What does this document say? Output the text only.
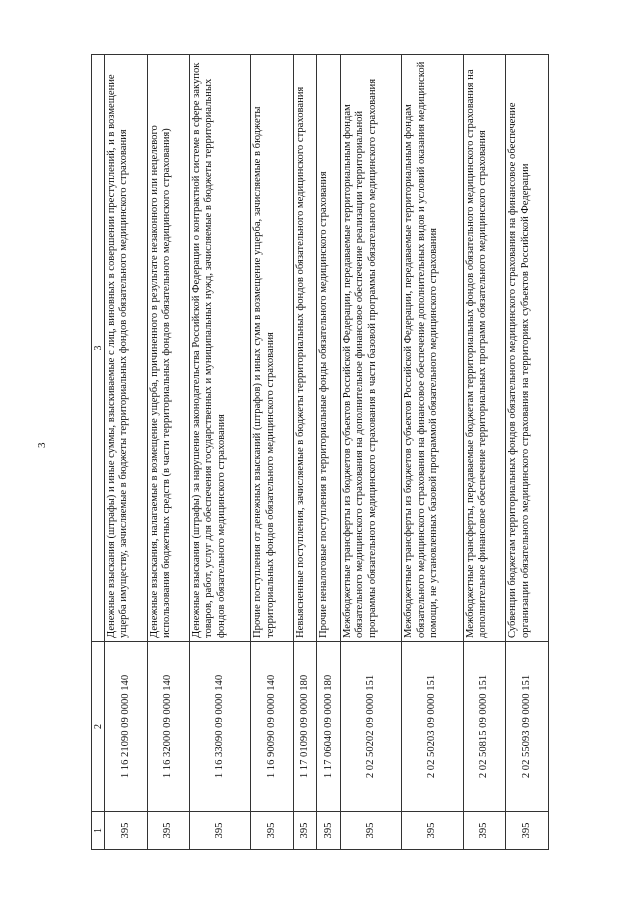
3
1	2	3
395	1 16 21090 09 0000 140	Денежные взыскания (штрафы) и иные суммы, взыскиваемые с лиц, виновных в совершении преступлений, и в возмещение ущерба имуществу, зачисляемые в бюджеты территориальных фондов обязательного медицинского страхования
395	1 16 32000 09 0000 140	Денежные взыскания, налагаемые в возмещение ущерба, причиненного в результате незаконного или нецелевого использования бюджетных средств (в части территориальных фондов обязательного медицинского страхования)
395	1 16 33090 09 0000 140	Денежные взыскания (штрафы) за нарушение законодательства Российской Федерации о контрактной системе в сфере закупок товаров, работ, услуг для обеспечения государственных и муниципальных нужд, зачисляемые в бюджеты территориальных фондов обязательного медицинского страхования
395	1 16 90090 09 0000 140	Прочие поступления от денежных взысканий (штрафов) и иных сумм в возмещение ущерба, зачисляемые в бюджеты территориальных фондов обязательного медицинского страхования
395	1 17 01090 09 0000 180	Невыясненные поступления, зачисляемые в бюджеты территориальных фондов обязательного медицинского страхования
395	1 17 06040 09 0000 180	Прочие неналоговые поступления в территориальные фонды обязательного медицинского страхования
395	2 02 50202 09 0000 151	Межбюджетные трансферты из бюджетов субъектов Российской Федерации, передаваемые территориальным фондам обязательного медицинского страхования на дополнительное финансовое обеспечение реализации территориальной программы обязательного медицинского страхования в части базовой программы обязательного медицинского страхования
395	2 02 50203 09 0000 151	Межбюджетные трансферты из бюджетов субъектов Российской Федерации, передаваемые территориальным фондам обязательного медицинского страхования на финансовое обеспечение дополнительных видов и условий оказания медицинской помощи, не установленных базовой программой обязательного медицинского страхования
395	2 02 50815 09 0000 151	Межбюджетные трансферты, передаваемые бюджетам территориальных фондов обязательного медицинского страхования на дополнительное финансовое обеспечение территориальных программ обязательного медицинского страхования
395	2 02 55093 09 0000 151	Субвенции бюджетам территориальных фондов обязательного медицинского страхования на финансовое обеспечение организации обязательного медицинского страхования на территориях субъектов Российской Федерации
